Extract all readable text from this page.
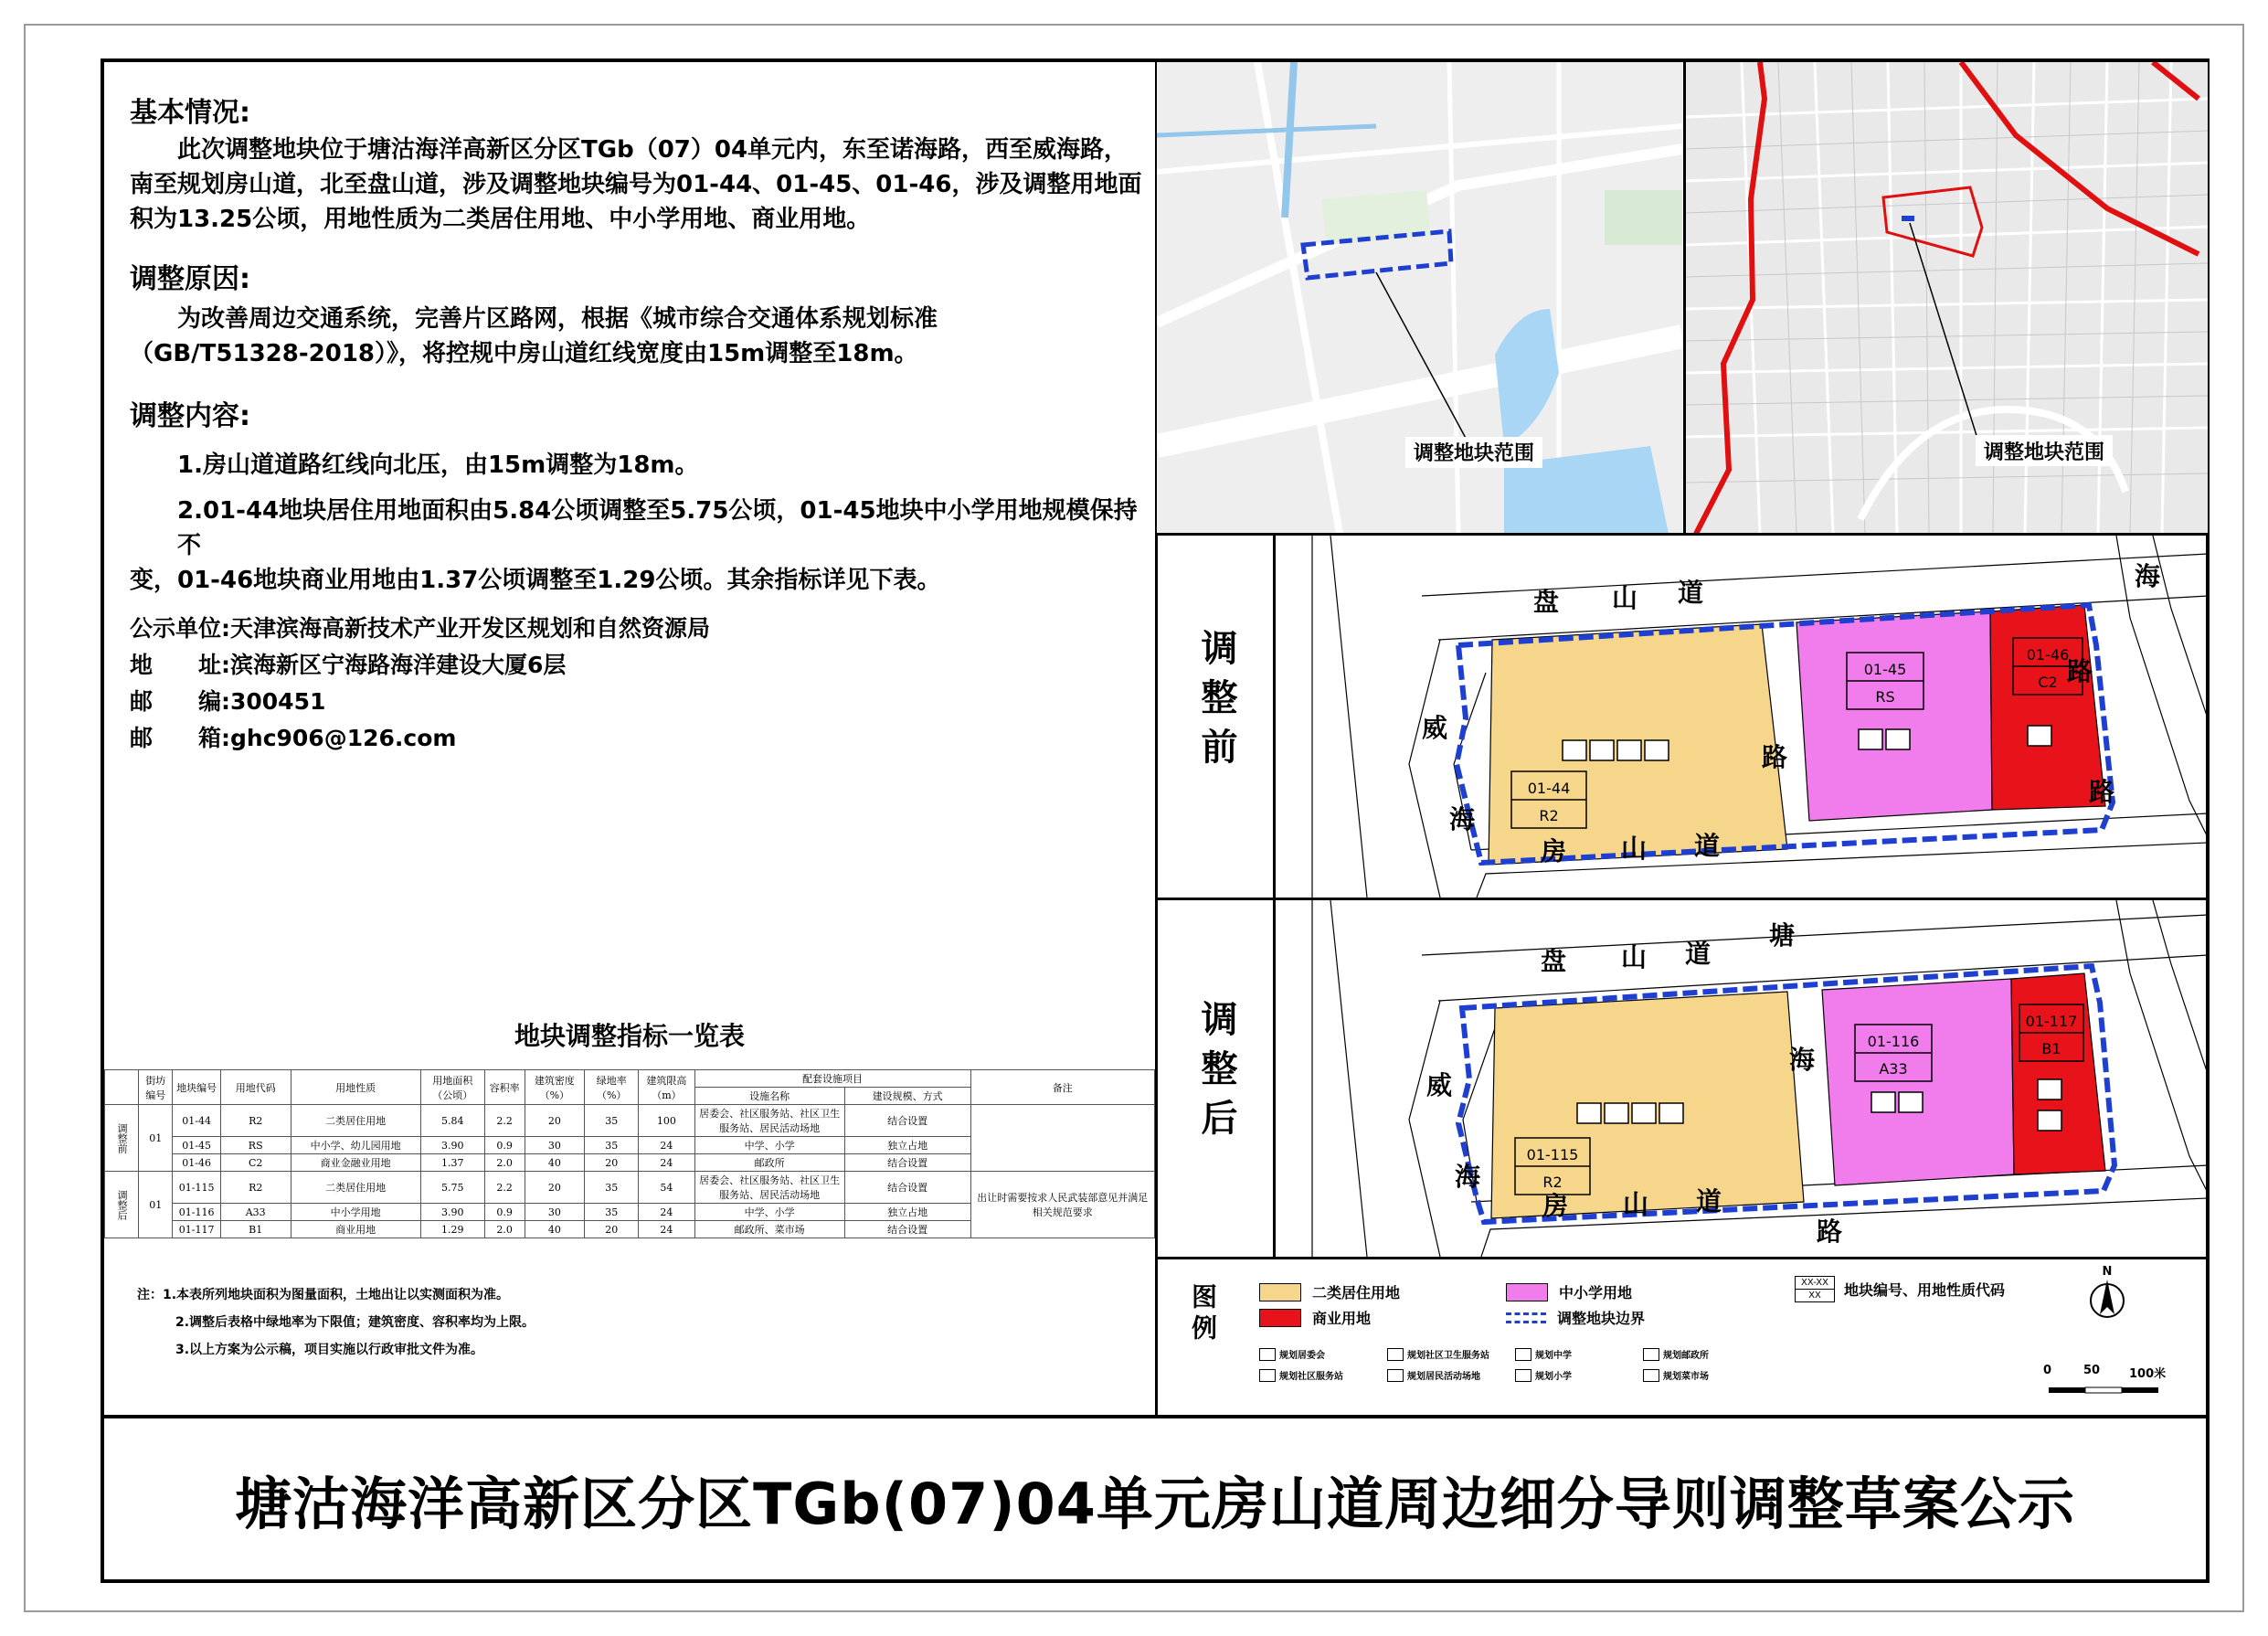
基本情况:
此次调整地块位于塘沽海洋高新区分区TGb（07）04单元内，东至诺海路，西至威海路，
南至规划房山道，北至盘山道，涉及调整地块编号为01-44、01-45、01-46，涉及调整用地面
积为13.25公顷，用地性质为二类居住用地、中小学用地、商业用地。
调整原因:
为改善周边交通系统，完善片区路网，根据《城市综合交通体系规划标准
（GB/T51328-2018）》，将控规中房山道红线宽度由15m调整至18m。
调整内容:
1.房山道道路红线向北压，由15m调整为18m。
2.01-44地块居住用地面积由5.84公顷调整至5.75公顷，01-45地块中小学用地规模保持不
变，01-46地块商业用地由1.37公顷调整至1.29公顷。其余指标详见下表。
公示单位:天津滨海高新技术产业开发区规划和自然资源局
地　　址:滨海新区宁海路海洋建设大厦6层
邮　　编:300451
邮　　箱:ghc906@126.com
地块调整指标一览表
	街坊编号	地块编号	用地代码	用地性质	用地面积（公顷）	容积率	建筑密度（%）	绿地率（%）	建筑限高（m）	配套设施项目		备注
										设施名称	建设规模、方式	
调整前	01	01-44	R2	二类居住用地	5.84	2.2	20	35	100	居委会、社区服务站、社区卫生服务站、居民活动场地	结合设置	
		01-45	RS	中小学、幼儿园用地	3.90	0.9	30	35	24	中学、小学	独立占地	
		01-46	C2	商业金融业用地	1.37	2.0	40	20	24	邮政所	结合设置	
调整后	01	01-115	R2	二类居住用地	5.75	2.2	20	35	54	居委会、社区服务站、社区卫生服务站、居民活动场地	结合设置	出让时需要按求人民武装部意见并满足相关规范要求
		01-116	A33	中小学用地	3.90	0.9	30	35	24	中学、小学	独立占地	
		01-117	B1	商业用地	1.29	2.0	40	20	24	邮政所、菜市场	结合设置	
注：1.本表所列地块面积为图量面积，土地出让以实测面积为准。
2.调整后表格中绿地率为下限值；建筑密度、容积率均为上限。
3.以上方案为公示稿，项目实施以行政审批文件为准。
调整地块范围	调整地块范围
调整前
01-44
R2
01-45
RS
01-46
C2
盘 山 道
房 山 道
威
海
路
海
路
路
调整后
01-115
R2
01-116
A33
01-117
B1
盘 山 道
房 山 道
威
海
海
路
塘
图例	二类居住用地
商业用地
中小学用地
调整地块边界
XX-XX
XX	地块编号、用地性质代码
规划居委会	规划社区卫生服务站	规划中学	规划邮政所
规划社区服务站	规划居民活动场地	规划小学	规划菜市场
N
0	50 100米
塘沽海洋高新区分区TGb(07)04单元房山道周边细分导则调整草案公示
